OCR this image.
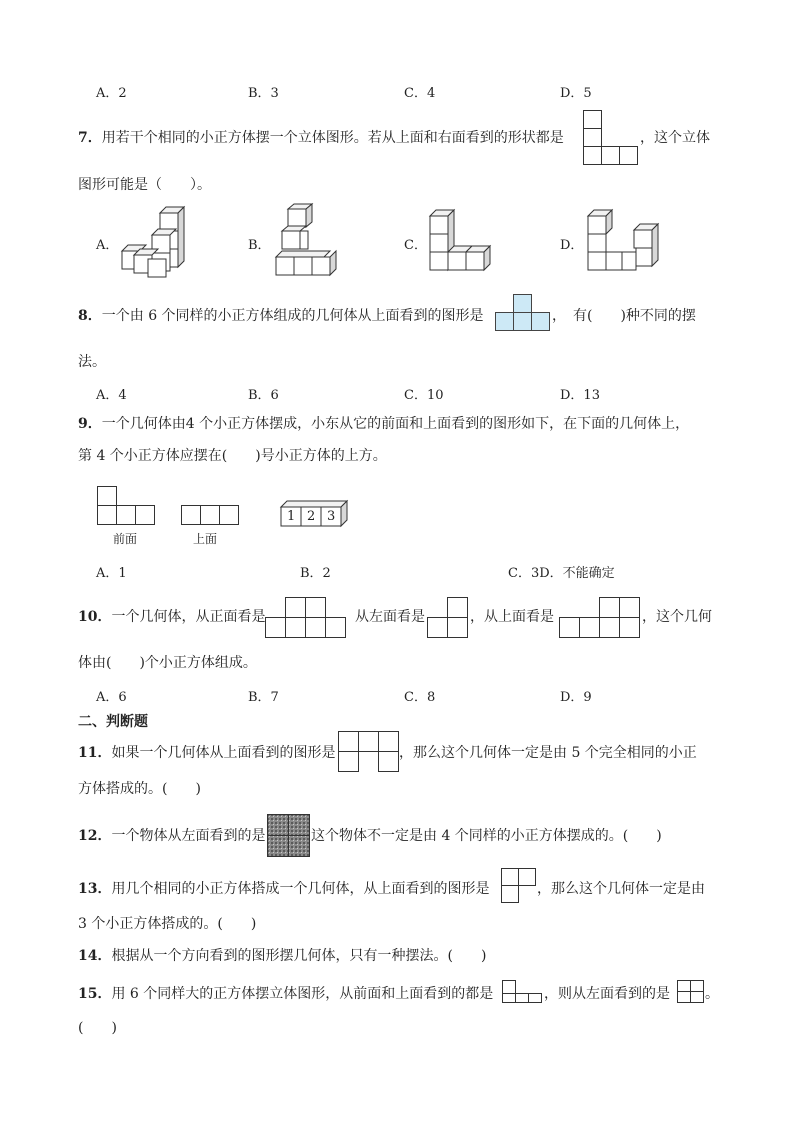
A．2	B．3	C．4	D．5
7．用若干个相同的小正方体摆一个立体图形。若从上面和右面看到的形状都是	，这个立体
图形可能是（　　）。
A．	B．	C．	D．
8．一个由 6 个同样的小正方体组成的几何体从上面看到的图形是	，　有(　　)种不同的摆
法。
A．4	B．6	C．10	D．13
9．一个几何体由4 个小正方体摆成，小东从它的前面和上面看到的图形如下，在下面的几何体上，
第 4 个小正方体应摆在(　　)号小正方体的上方。
前面	上面
1 2 3
A．1	B．2	C．3D．不能确定
10．一个几何体，从正面看是	从左面看是	，从上面看是	，这个几何
体由(　　)个小正方体组成。
A．6	B．7	C．8	D．9
二、判断题
11．如果一个几何体从上面看到的图形是	，那么这个几何体一定是由 5 个完全相同的小正
方体搭成的。(　　)
12．一个物体从左面看到的是	这个物体不一定是由 4 个同样的小正方体摆成的。(　　)
13．用几个相同的小正方体搭成一个几何体，从上面看到的图形是	，那么这个几何体一定是由
3 个小正方体搭成的。(　　)
14．根据从一个方向看到的图形摆几何体，只有一种摆法。(　　)
15．用 6 个同样大的正方体摆立体图形，从前面和上面看到的都是	，则从左面看到的是	。
(　　)
